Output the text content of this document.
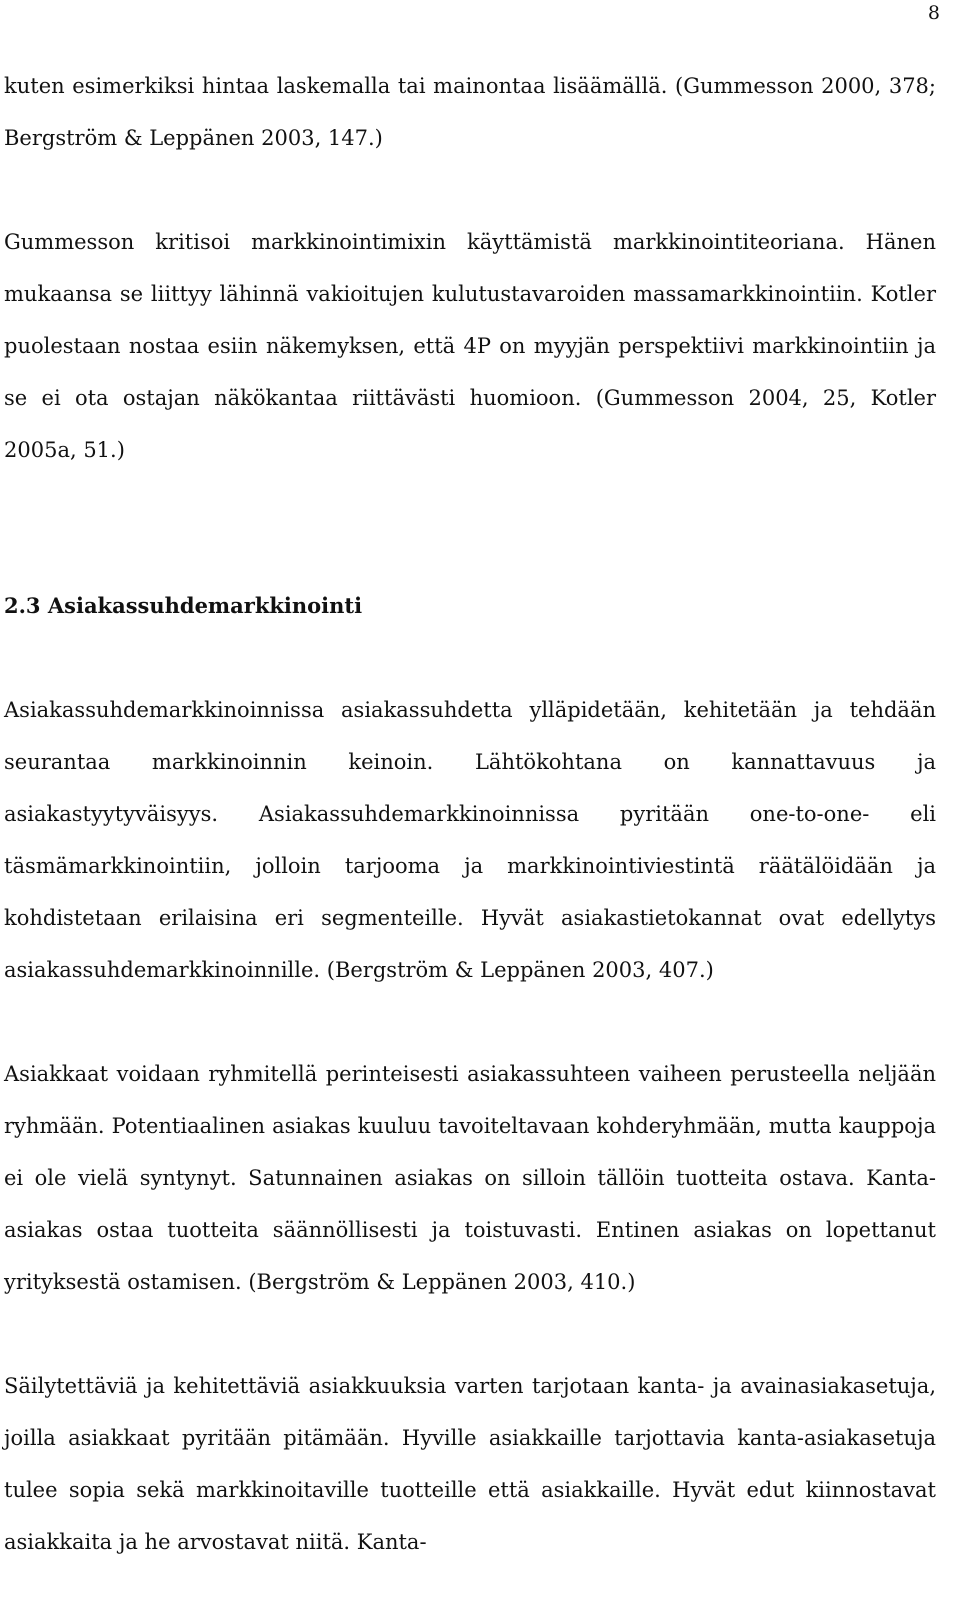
8

kuten esimerkiksi hintaa laskemalla tai mainontaa lisäämällä. (Gummesson 2000, 378; Bergström & Leppänen 2003, 147.)

Gummesson kritisoi markkinointimixin käyttämistä markkinointiteoriana. Hänen mukaansa se liittyy lähinnä vakioitujen kulutustavaroiden massamarkkinointiin. Kotler puolestaan nostaa esiin näkemyksen, että 4P on myyjän perspektiivi markkinointiin ja se ei ota ostajan näkökantaa riittävästi huomioon. (Gummesson 2004, 25, Kotler 2005a, 51.)

2.3 Asiakassuhdemarkkinointi

Asiakassuhdemarkkinoinnissa asiakassuhdetta ylläpidetään, kehitetään ja tehdään seurantaa markkinoinnin keinoin. Lähtökohtana on kannattavuus ja asiakastyytyväisyys. Asiakassuhdemarkkinoinnissa pyritään one-to-one- eli täsmämarkkinointiin, jolloin tarjooma ja markkinointiviestintä räätälöidään ja kohdistetaan erilaisina eri segmenteille. Hyvät asiakastietokannat ovat edellytys asiakassuhdemarkkinoinnille. (Bergström & Leppänen 2003, 407.)

Asiakkaat voidaan ryhmitellä perinteisesti asiakassuhteen vaiheen perusteella neljään ryhmään. Potentiaalinen asiakas kuuluu tavoiteltavaan kohderyhmään, mutta kauppoja ei ole vielä syntynyt. Satunnainen asiakas on silloin tällöin tuotteita ostava. Kanta-asiakas ostaa tuotteita säännöllisesti ja toistuvasti. Entinen asiakas on lopettanut yrityksestä ostamisen. (Bergström & Leppänen 2003, 410.)

Säilytettäviä ja kehitettäviä asiakkuuksia varten tarjotaan kanta- ja avainasiakasetuja, joilla asiakkaat pyritään pitämään. Hyville asiakkaille tarjottavia kanta-asiakasetuja tulee sopia sekä markkinoitaville tuotteille että asiakkaille. Hyvät edut kiinnostavat asiakkaita ja he arvostavat niitä. Kanta-
